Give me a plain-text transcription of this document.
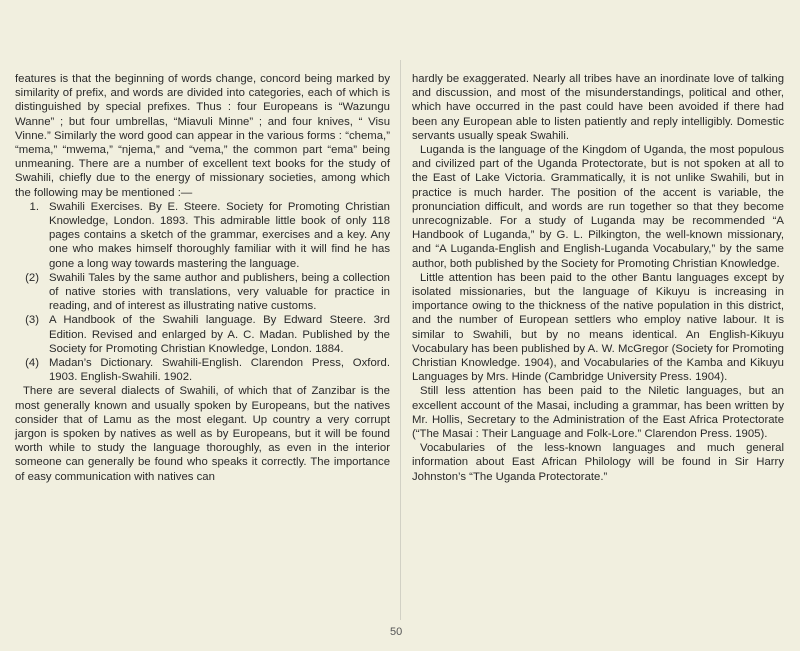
features is that the beginning of words change, concord being marked by similarity of prefix, and words are divided into categories, each of which is distinguished by special prefixes. Thus : four Europeans is “Wazungu Wanne” ; but four umbrellas, “Miavuli Minne” ; and four knives, “ Visu Vinne.” Similarly the word good can appear in the various forms : “chema,” “mema,” “mwema,” “njema,” and “vema,” the common part “ema” being unmeaning. There are a number of excellent text books for the study of Swahili, chiefly due to the energy of missionary societies, among which the following may be mentioned :—

1. Swahili Exercises. By E. Steere. Society for Promoting Christian Knowledge, London. 1893. This admirable little book of only 118 pages contains a sketch of the grammar, exercises and a key. Any one who makes himself thoroughly familiar with it will find he has gone a long way towards mastering the language.
(2) Swahili Tales by the same author and publishers, being a collection of native stories with translations, very valuable for practice in reading, and of interest as illustrating native customs.
(3) A Handbook of the Swahili language. By Edward Steere. 3rd Edition. Revised and enlarged by A. C. Madan. Published by the Society for Promoting Christian Knowledge, London. 1884.
(4) Madan’s Dictionary. Swahili-English. Clarendon Press, Oxford. 1903. English-Swahili. 1902.

There are several dialects of Swahili, of which that of Zanzibar is the most generally known and usually spoken by Europeans, but the natives consider that of Lamu as the most elegant. Up country a very corrupt jargon is spoken by natives as well as by Europeans, but it will be found worth while to study the language thoroughly, as even in the interior someone can generally be found who speaks it correctly. The importance of easy communication with natives can

hardly be exaggerated. Nearly all tribes have an inordinate love of talking and discussion, and most of the misunderstandings, political and other, which have occurred in the past could have been avoided if there had been any European able to listen patiently and reply intelligibly. Domestic servants usually speak Swahili.

Luganda is the language of the Kingdom of Uganda, the most populous and civilized part of the Uganda Protectorate, but is not spoken at all to the East of Lake Victoria. Grammatically, it is not unlike Swahili, but in practice is much harder. The position of the accent is variable, the pronunciation difficult, and words are run together so that they become unrecognizable. For a study of Luganda may be recommended “A Handbook of Luganda,” by G. L. Pilkington, the well-known missionary, and “A Luganda-English and English-Luganda Vocabulary,” by the same author, both published by the Society for Promoting Christian Knowledge.

Little attention has been paid to the other Bantu languages except by isolated missionaries, but the language of Kikuyu is increasing in importance owing to the thickness of the native population in this district, and the number of European settlers who employ native labour. It is similar to Swahili, but by no means identical. An English-Kikuyu Vocabulary has been published by A. W. McGregor (Society for Promoting Christian Knowledge. 1904), and Vocabularies of the Kamba and Kikuyu Languages by Mrs. Hinde (Cambridge University Press. 1904).

Still less attention has been paid to the Niletic languages, but an excellent account of the Masai, including a grammar, has been written by Mr. Hollis, Secretary to the Administration of the East Africa Protectorate (“The Masai : Their Language and Folk-Lore.” Clarendon Press. 1905).

Vocabularies of the less-known languages and much general information about East African Philology will be found in Sir Harry Johnston’s “The Uganda Protectorate.”

50
